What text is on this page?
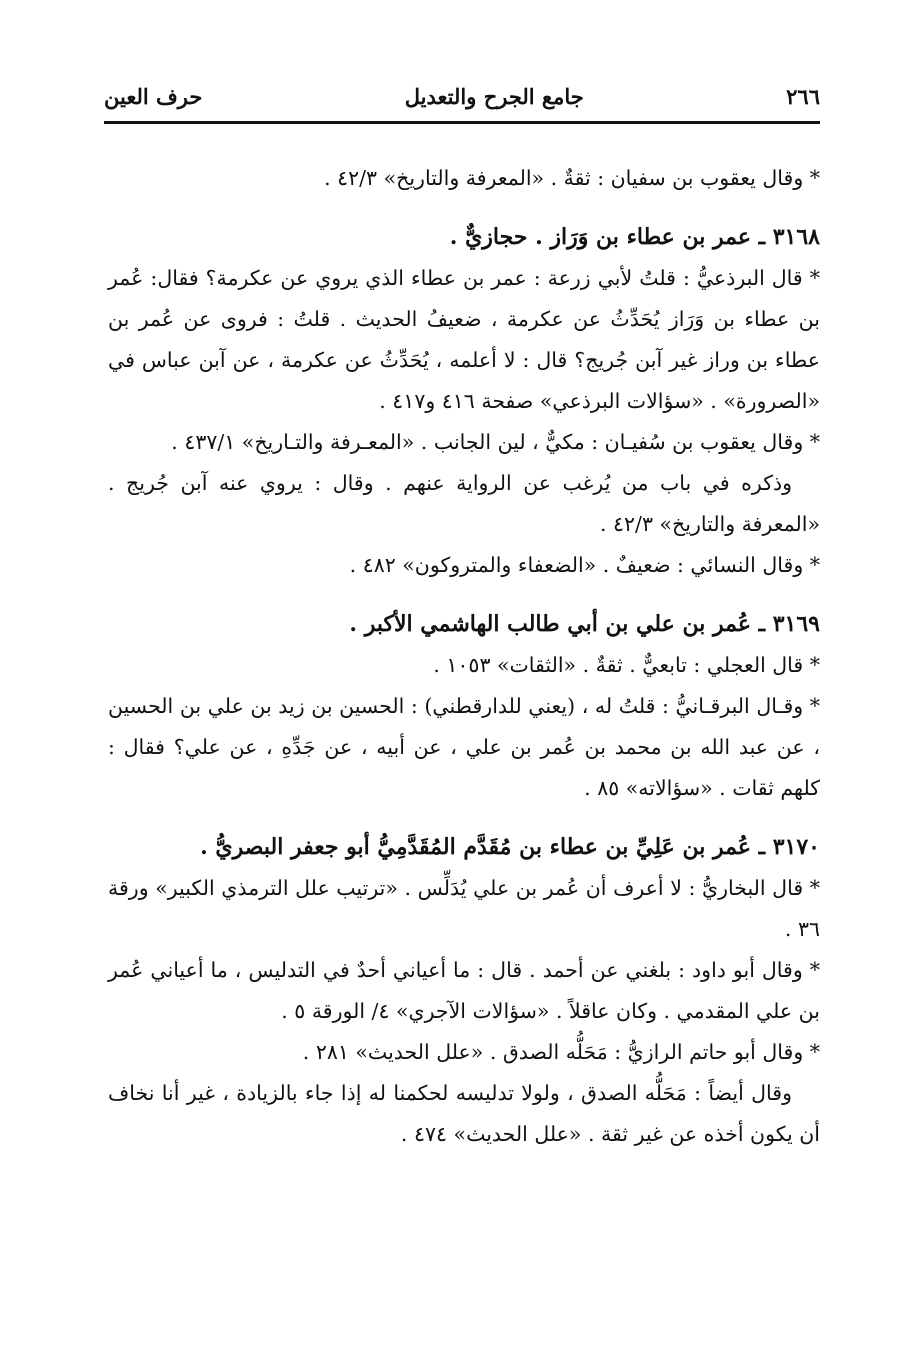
٢٦٦
جامع الجرح والتعديل
حرف العين

* وقال يعقوب بن سفيان : ثقةٌ . «المعرفة والتاريخ» ٤٢/٣ .

٣١٦٨ ـ عمر بن عطاء بن وَرَاز . حجازيٌّ .

* قال البرذعيُّ : قلتُ لأبي زرعة : عمر بن عطاء الذي يروي عن عكرمة؟ فقال: عُمر بن عطاء بن وَرَاز يُحَدِّثُ عن عكرمة ، ضعيفُ الحديث . قلتُ : فروى عن عُمر بن عطاء بن وراز غير آبن جُريج؟ قال : لا أعلمه ، يُحَدِّثُ عن عكرمة ، عن آبن عباس في «الصرورة» . «سؤالات البرذعي» صفحة ٤١٦ و٤١٧ .

* وقال يعقوب بن سُفيـان : مكيٌّ ، لين الجانب . «المعـرفة والتـاريخ» ٤٣٧/١ .

وذكره في باب من يُرغب عن الرواية عنهم . وقال : يروي عنه آبن جُريج . «المعرفة والتاريخ» ٤٢/٣ .

* وقال النسائي : ضعيفٌ . «الضعفاء والمتروكون» ٤٨٢ .

٣١٦٩ ـ عُمر بن علي بن أبي طالب الهاشمي الأكبر .

* قال العجلي : تابعيٌّ . ثقةٌ . «الثقات» ١٠٥٣ .

* وقـال البرقـانيُّ : قلتُ له ، (يعني للدارقطني) : الحسين بن زيد بن علي بن الحسين ، عن عبد الله بن محمد بن عُمر بن علي ، عن أبيه ، عن جَدِّهِ ، عن علي؟ فقال : كلهم ثقات . «سؤالاته» ٨٥ .

٣١٧٠ ـ عُمر بن عَلِيِّ بن عطاء بن مُقَدَّم المُقَدَّمِيُّ أبو جعفر البصريُّ .

* قال البخاريُّ : لا أعرف أن عُمر بن علي يُدَلِّس . «ترتيب علل الترمذي الكبير» ورقة ٣٦ .

* وقال أبو داود : بلغني عن أحمد . قال : ما أعياني أحدٌ في التدليس ، ما أعياني عُمر بن علي المقدمي . وكان عاقلاً . «سؤالات الآجري» ٤/ الورقة ٥ .

* وقال أبو حاتم الرازيُّ : مَحَلُّه الصدق . «علل الحديث» ٢٨١ .

وقال أيضاً : مَحَلُّه الصدق ، ولولا تدليسه لحكمنا له إذا جاء بالزيادة ، غير أنا نخاف أن يكون أخذه عن غير ثقة . «علل الحديث» ٤٧٤ .
